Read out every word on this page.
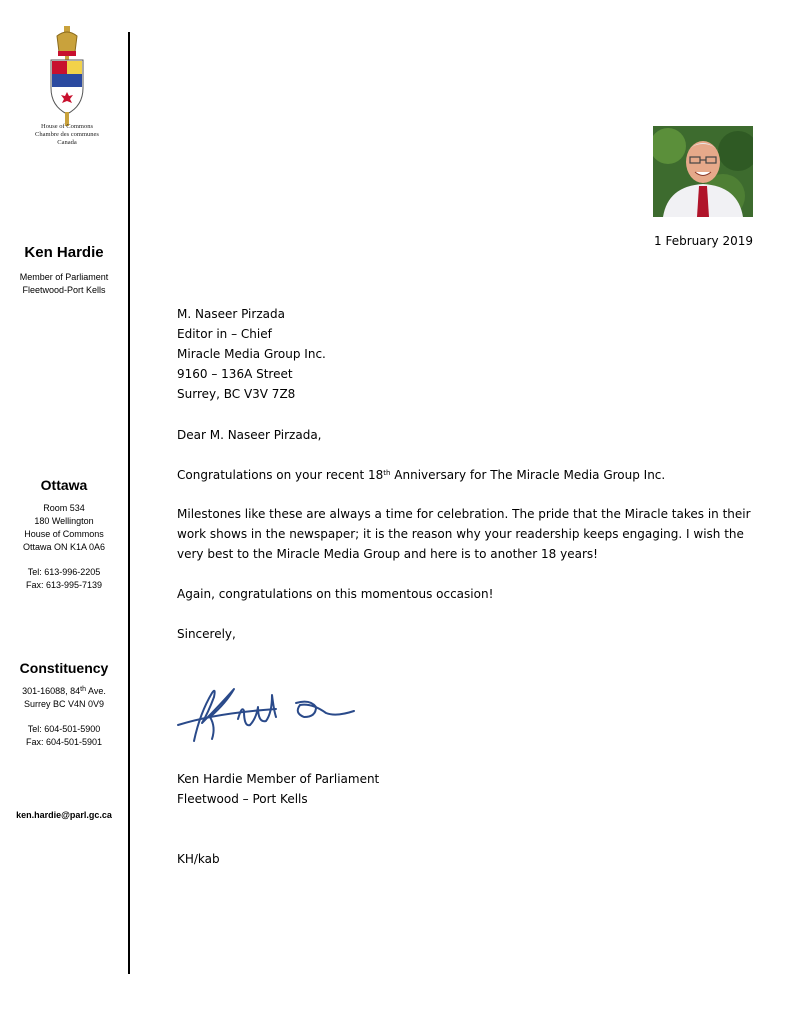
House of Commons
Chambre des communes
Canada
Ken Hardie
Member of Parliament
Fleetwood-Port Kells
Ottawa
Room 534
180 Wellington
House of Commons
Ottawa ON K1A 0A6
Tel: 613-996-2205
Fax: 613-995-7139
Constituency
301-16088, 84th Ave.
Surrey BC V4N 0V9
Tel: 604-501-5900
Fax: 604-501-5901
ken.hardie@parl.gc.ca
1 February 2019

M. Naseer Pirzada

Editor in – Chief

Miracle Media Group Inc.

9160 – 136A Street

Surrey, BC V3V 7Z8

Dear M. Naseer Pirzada,
Congratulations on your recent 18th Anniversary for The Miracle Media Group Inc.
Milestones like these are always a time for celebration. The pride that the Miracle takes in their work shows in the newspaper; it is the reason why your readership keeps engaging. I wish the very best to the Miracle Media Group and here is to another 18 years!
Again, congratulations on this momentous occasion!
Sincerely,
Ken Hardie Member of Parliament
Fleetwood – Port Kells
KH/kab
